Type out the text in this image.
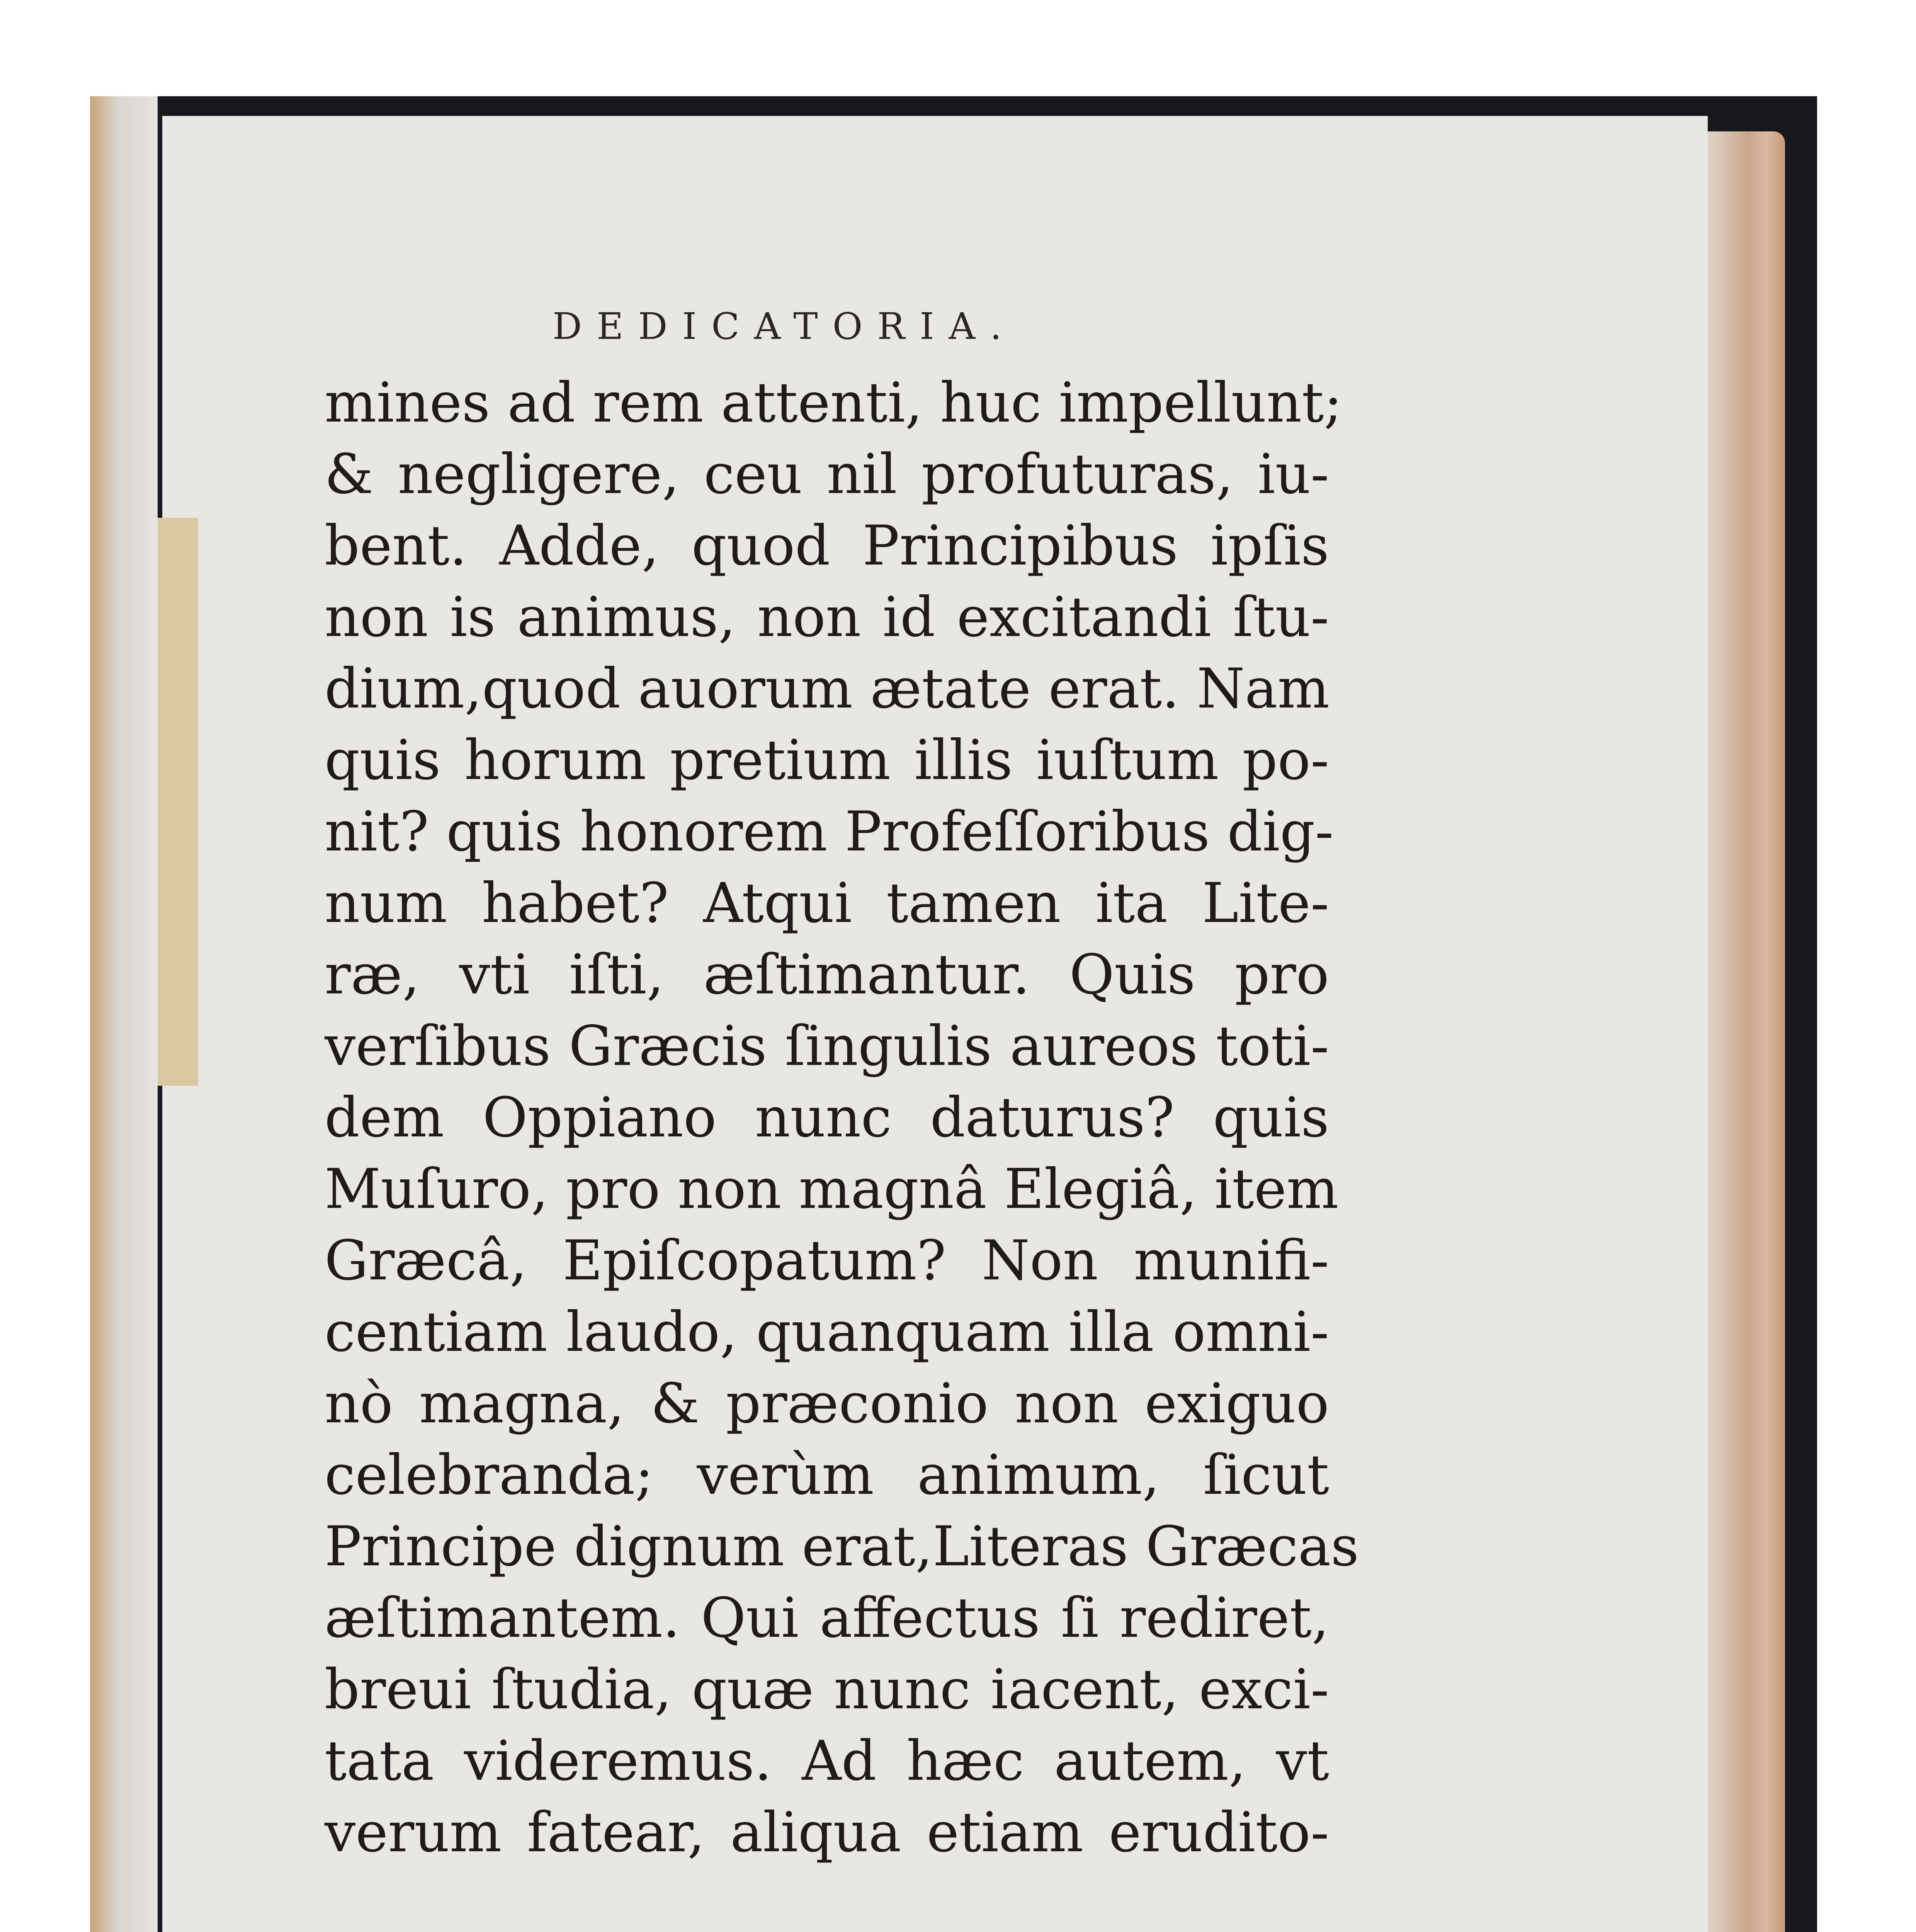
DEDICATORIA.
mines ad rem attenti, huc impellunt;
& negligere, ceu nil profuturas, iu-
bent. Adde, quod Principibus ipſis
non is animus, non id excitandi ſtu-
dium,quod auorum ætate erat. Nam
quis horum pretium illis iuſtum po-
nit? quis honorem Profeſſoribus dig-
num habet? Atqui tamen ita Lite-
ræ, vti iſti, æſtimantur. Quis pro
verſibus Græcis ſingulis aureos toti-
dem Oppiano nunc daturus? quis
Muſuro, pro non magnâ Elegiâ, item
Græcâ, Epiſcopatum? Non munifi-
centiam laudo, quanquam illa omni-
nò magna, & præconio non exiguo
celebranda; verùm animum, ſicut
Principe dignum erat,Literas Græcas
æſtimantem. Qui affectus ſi rediret,
breui ſtudia, quæ nunc iacent, exci-
tata videremus. Ad hæc autem, vt
verum fatear, aliqua etiam erudito-
